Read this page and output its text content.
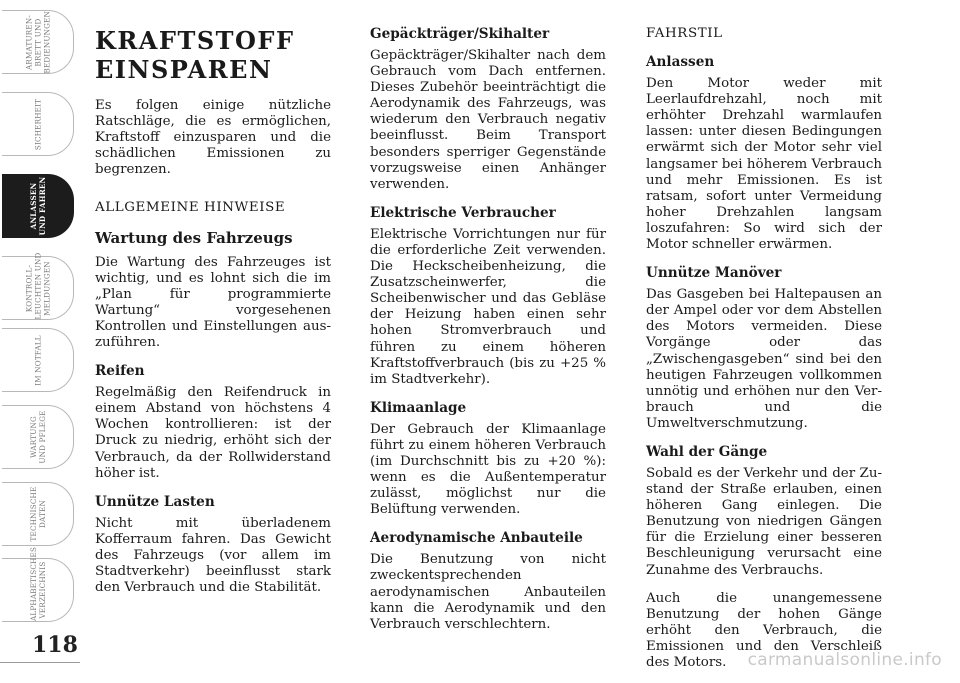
ARMATUREN-
BRETT UND
BEDIENUNGEN
SICHERHEIT
ANLASSEN
UND FAHREN
KONTROLL-
LEUCHTEN UND
MELDUNGEN
IM NOTFALL
WARTUNG
UND PFLEGE
TECHNISCHE
DATEN
ALPHABETISCHES
VERZEICHNIS
118
KRAFTSTOFF
EINSPAREN

Es folgen einige nützliche Ratschläge, die es ermöglichen, Kraftstoff einzusparen und die schädlichen Emissionen zu begrenzen.

ALLGEMEINE HINWEISE
Wartung des Fahrzeugs

Die Wartung des Fahrzeuges ist wichtig, und es lohnt sich die im „Plan für programmierte Wartung“ vorgesehenen Kontrollen und Einstellungen auszuführen.

Reifen

Regelmäßig den Reifendruck in einem Abstand von höchstens 4 Wochen kontrollieren: ist der Druck zu niedrig, erhöht sich der Verbrauch, da der Rollwiderstand höher ist.

Unnütze Lasten

Nicht mit überladenem Kofferraum fahren. Das Gewicht des Fahrzeugs (vor allem im Stadtverkehr) beeinflusst stark den Verbrauch und die Stabilität.

Gepäckträger/Skihalter

Gepäckträger/Skihalter nach dem Gebrauch vom Dach entfernen. Dieses Zubehör beeinträchtigt die Aerodynamik des Fahrzeugs, was wiederum den Verbrauch negativ beeinflusst. Beim Transport besonders sperriger Gegenstände vorzugsweise einen Anhänger verwenden.

Elektrische Verbraucher

Elektrische Vorrichtungen nur für die erforderliche Zeit verwenden. Die Heckscheibenheizung, die Zusatzscheinwerfer, die Scheibenwischer und das Gebläse der Heizung haben einen sehr hohen Stromverbrauch und führen zu einem höheren Kraftstoffverbrauch (bis zu +25 % im Stadtverkehr).

Klimaanlage

Der Gebrauch der Klimaanlage führt zu einem höheren Verbrauch (im Durchschnitt bis zu +20 %): wenn es die Außentemperatur zulässt, möglichst nur die Belüftung verwenden.

Aerodynamische Anbauteile

Die Benutzung von nicht zweckentsprechenden aerodynamischen Anbauteilen kann die Aerodynamik und den Verbrauch verschlechtern.

FAHRSTIL
Anlassen

Den Motor weder mit Leerlaufdrehzahl, noch mit erhöhter Drehzahl warmlaufen lassen: unter diesen Bedingungen erwärmt sich der Motor sehr viel langsamer bei höherem Verbrauch und mehr Emissionen. Es ist ratsam, sofort unter Vermeidung hoher Drehzahlen langsam loszufahren: So wird sich der Motor schneller erwärmen.

Unnütze Manöver

Das Gasgeben bei Haltepausen an der Ampel oder vor dem Abstellen des Motors vermeiden. Diese Vorgänge oder das „Zwischengasgeben“ sind bei den heutigen Fahrzeugen vollkommen unnötig und erhöhen nur den Verbrauch und die Umweltverschmutzung.

Wahl der Gänge

Sobald es der Verkehr und der Zustand der Straße erlauben, einen höheren Gang einlegen. Die Benutzung von niedrigen Gängen für die Erzielung einer besseren Beschleunigung verursacht eine Zunahme des Verbrauchs.

Auch die unangemessene Benutzung der hohen Gänge erhöht den Verbrauch, die Emissionen und den Verschleiß des Motors.	carmanualsonline.info
